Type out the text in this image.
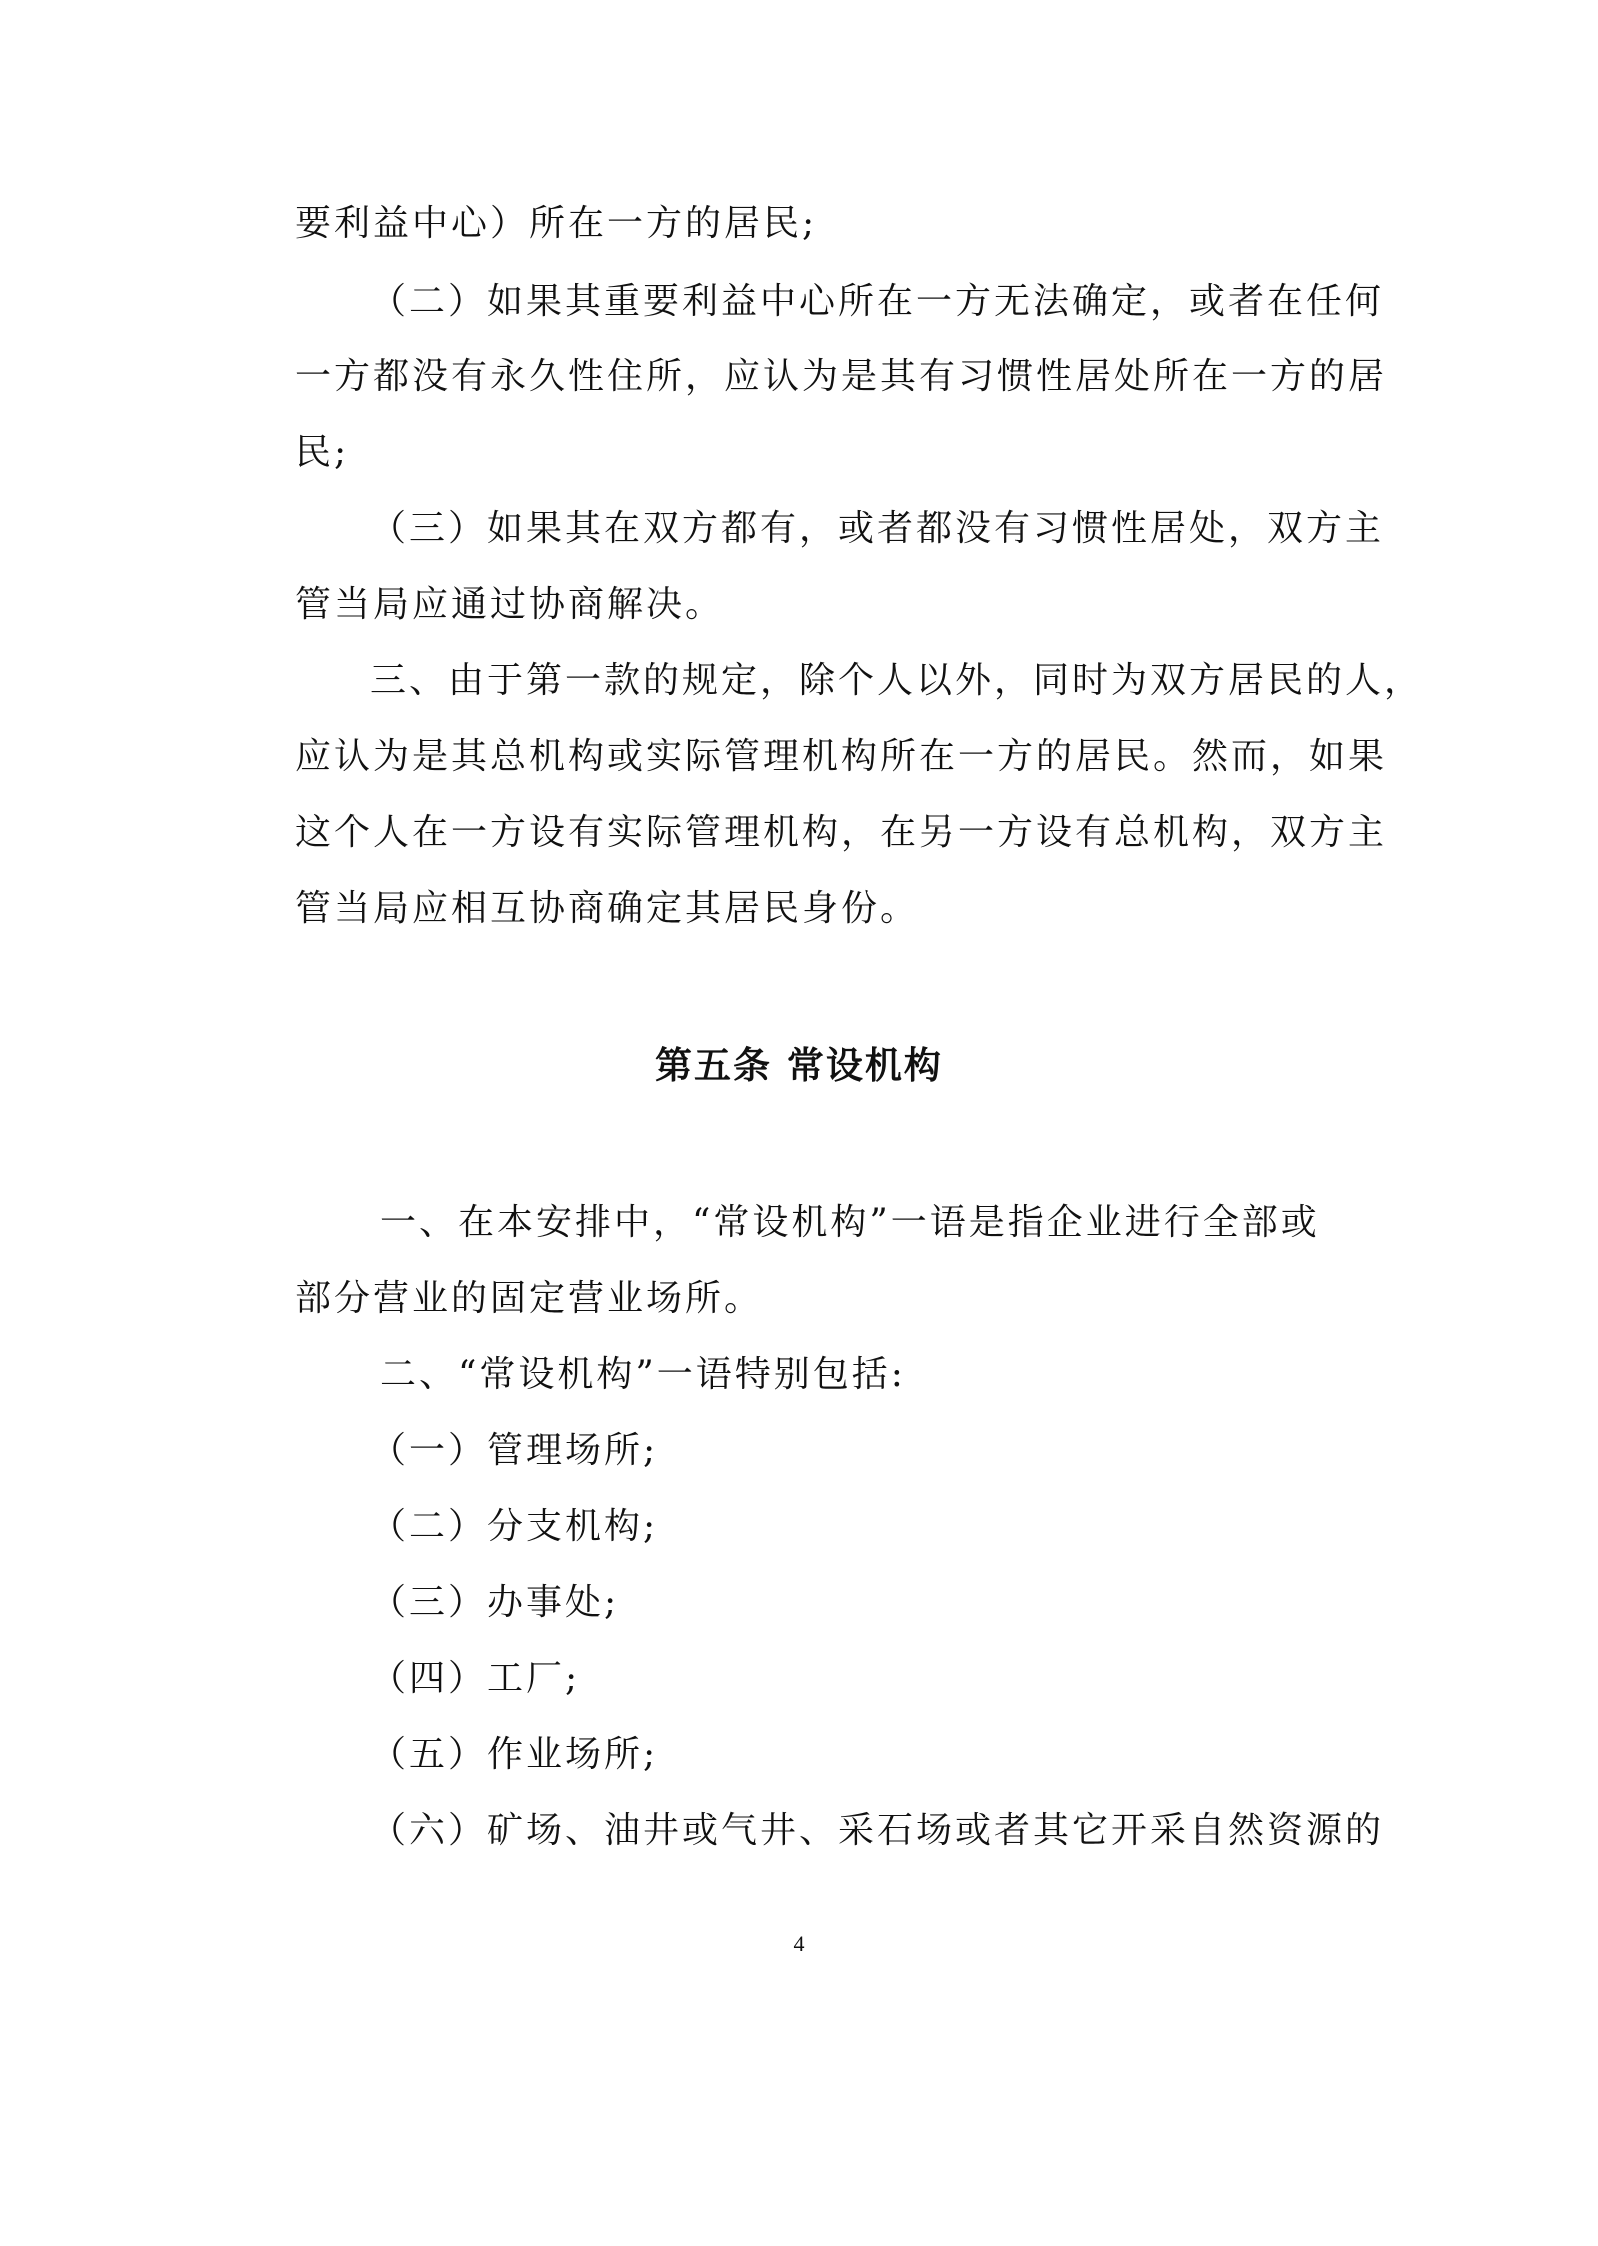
要利益中心）所在一方的居民;
（二）如果其重要利益中心所在一方无法确定，或者在任何
一方都没有永久性住所，应认为是其有习惯性居处所在一方的居
民;
（三）如果其在双方都有，或者都没有习惯性居处，双方主
管当局应通过协商解决。
三、由于第一款的规定，除个人以外，同时为双方居民的人，
应认为是其总机构或实际管理机构所在一方的居民。然而，如果
这个人在一方设有实际管理机构，在另一方设有总机构，双方主
管当局应相互协商确定其居民身份。
第五条 常设机构
一、在本安排中，“常设机构”一语是指企业进行全部或
部分营业的固定营业场所。
二、“常设机构”一语特别包括:
（一）管理场所;
（二）分支机构;
（三）办事处;
（四）工厂;
（五）作业场所;
（六）矿场、油井或气井、采石场或者其它开采自然资源的
4
